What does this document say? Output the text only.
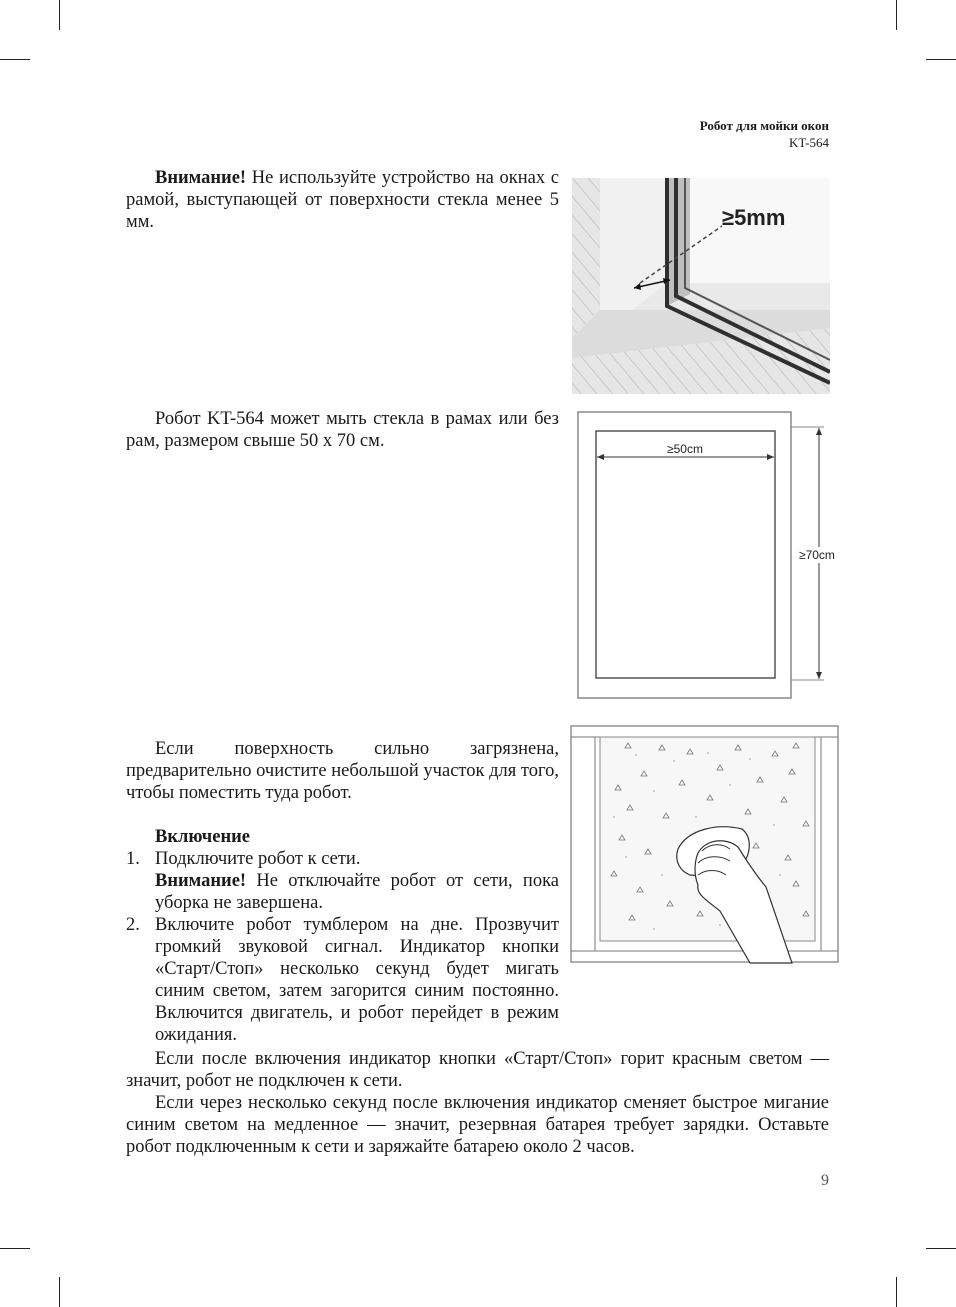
Робот для мойки окон
KT-564

Внимание! Не используйте устройство на окнах с рамой, выступающей от поверхности стекла менее 5 мм.	≥5mm

Робот KT-564 может мыть стекла в рамах или без рам, размером свыше 50 х 70 см.	≥50cm
≥70cm

Если поверхность сильно загрязнена, предварительно очистите небольшой участок для того, чтобы поместить туда робот.

Включение

1. Подключите робот к сети.

Внимание! Не отключайте робот от сети, пока уборка не завершена.

2. Включите робот тумблером на дне. Прозвучит громкий звуковой сигнал. Индикатор кнопки «Старт/Стоп» несколько секунд будет мигать синим светом, затем загорится синим постоянно. Включится двигатель, и робот перейдет в режим ожидания.

Если после включения индикатор кнопки «Старт/Стоп» горит красным светом — значит, робот не подключен к сети.

Если через несколько секунд после включения индикатор сменяет быстрое мигание синим светом на медленное — значит, резервная батарея требует зарядки. Оставьте робот подключенным к сети и заряжайте батарею около 2 часов.

9
